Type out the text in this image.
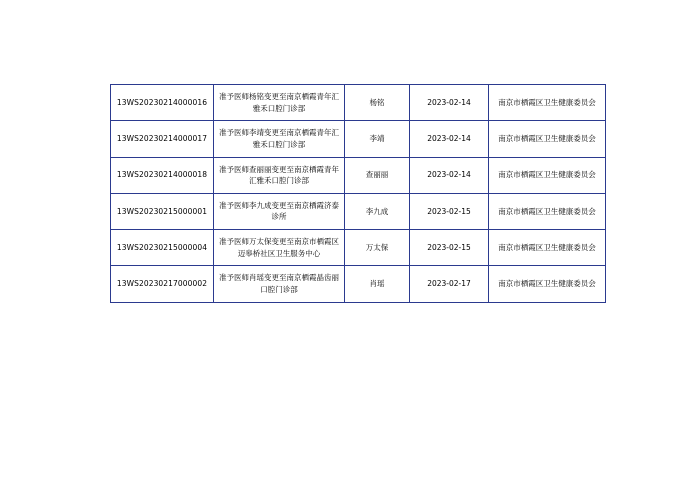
13WS20230214000016	准予医师杨铭变更至南京栖霞青年汇雅禾口腔门诊部	杨铭	2023-02-14	南京市栖霞区卫生健康委员会
13WS20230214000017	准予医师李靖变更至南京栖霞青年汇雅禾口腔门诊部	李靖	2023-02-14	南京市栖霞区卫生健康委员会
13WS20230214000018	准予医师查丽丽变更至南京栖霞青年汇雅禾口腔门诊部	查丽丽	2023-02-14	南京市栖霞区卫生健康委员会
13WS20230215000001	准予医师李九成变更至南京栖霞济泰诊所	李九成	2023-02-15	南京市栖霞区卫生健康委员会
13WS20230215000004	准予医师万太保变更至南京市栖霞区迈皋桥社区卫生服务中心	万太保	2023-02-15	南京市栖霞区卫生健康委员会
13WS20230217000002	准予医师肖瑶变更至南京栖霞晶齿丽口腔门诊部	肖瑶	2023-02-17	南京市栖霞区卫生健康委员会
